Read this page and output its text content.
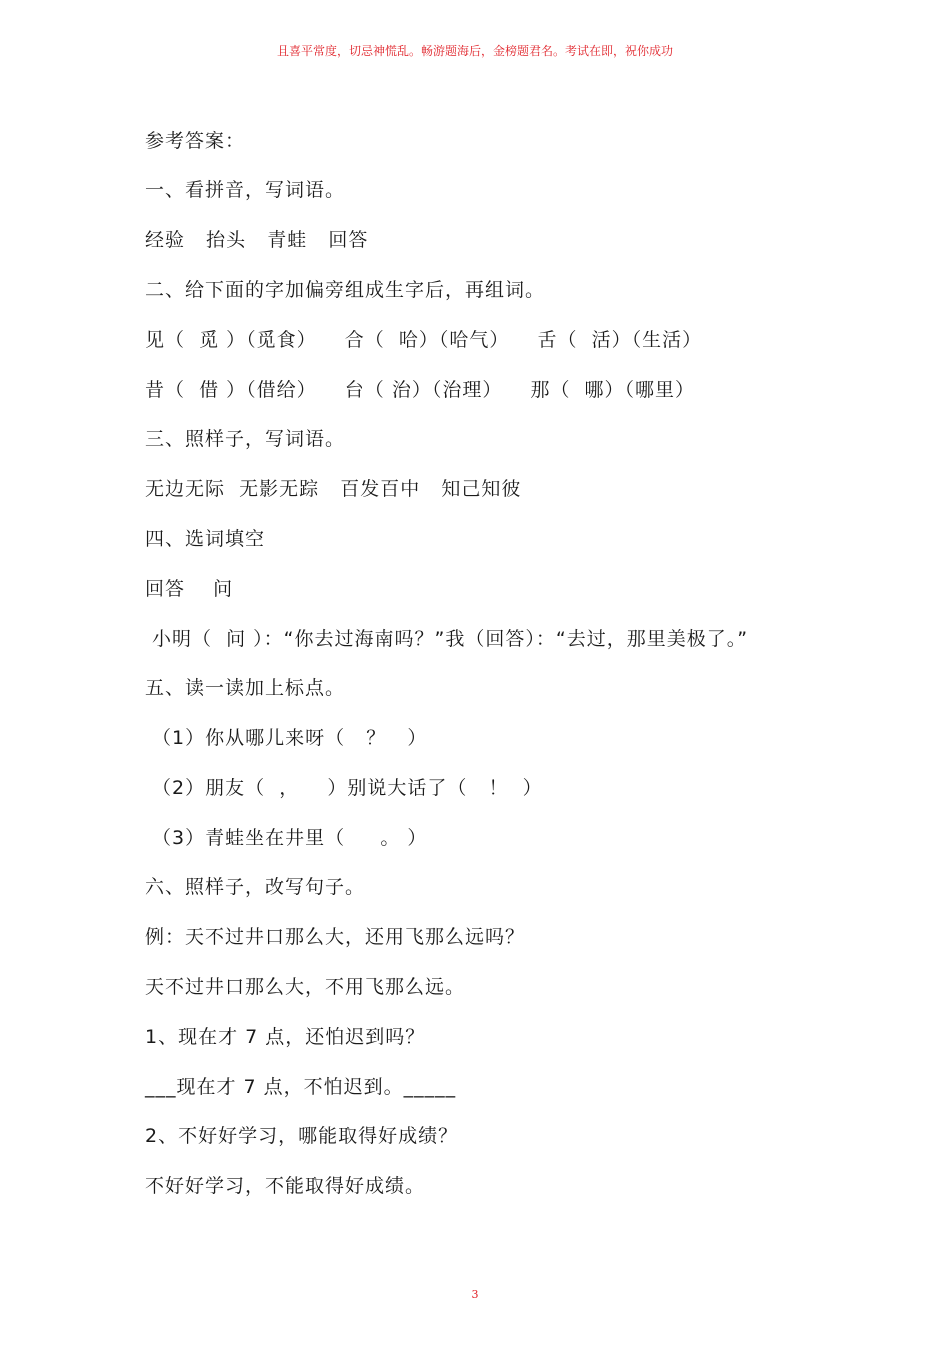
且喜平常度，切忌神慌乱。畅游题海后，金榜题君名。考试在即，祝你成功
参考答案：
一、看拼音，写词语。
经验   抬头   青蛙   回答
二、给下面的字加偏旁组成生字后，再组词。
见（  觅 ）（觅食）    合（  哈）（哈气）    舌（  活）（生活）
昔（  借 ）（借给）    台（ 治）（治理）    那（  哪）（哪里）
三、照样子，写词语。
无边无际  无影无踪   百发百中   知己知彼
四、选词填空
回答    问
小明（  问 ）：“你去过海南吗？”我（回答）：“去过，那里美极了。”
五、读一读加上标点。
（1）你从哪儿来呀（   ？   ）
（2）朋友（  ，    ）别说大话了（   ！  ）
（3）青蛙坐在井里（     。 ）
六、照样子，改写句子。
例：天不过井口那么大，还用飞那么远吗？
天不过井口那么大，不用飞那么远。
1、现在才 7 点，还怕迟到吗？
___现在才 7 点，不怕迟到。_____
2、不好好学习，哪能取得好成绩？
不好好学习，不能取得好成绩。
3
